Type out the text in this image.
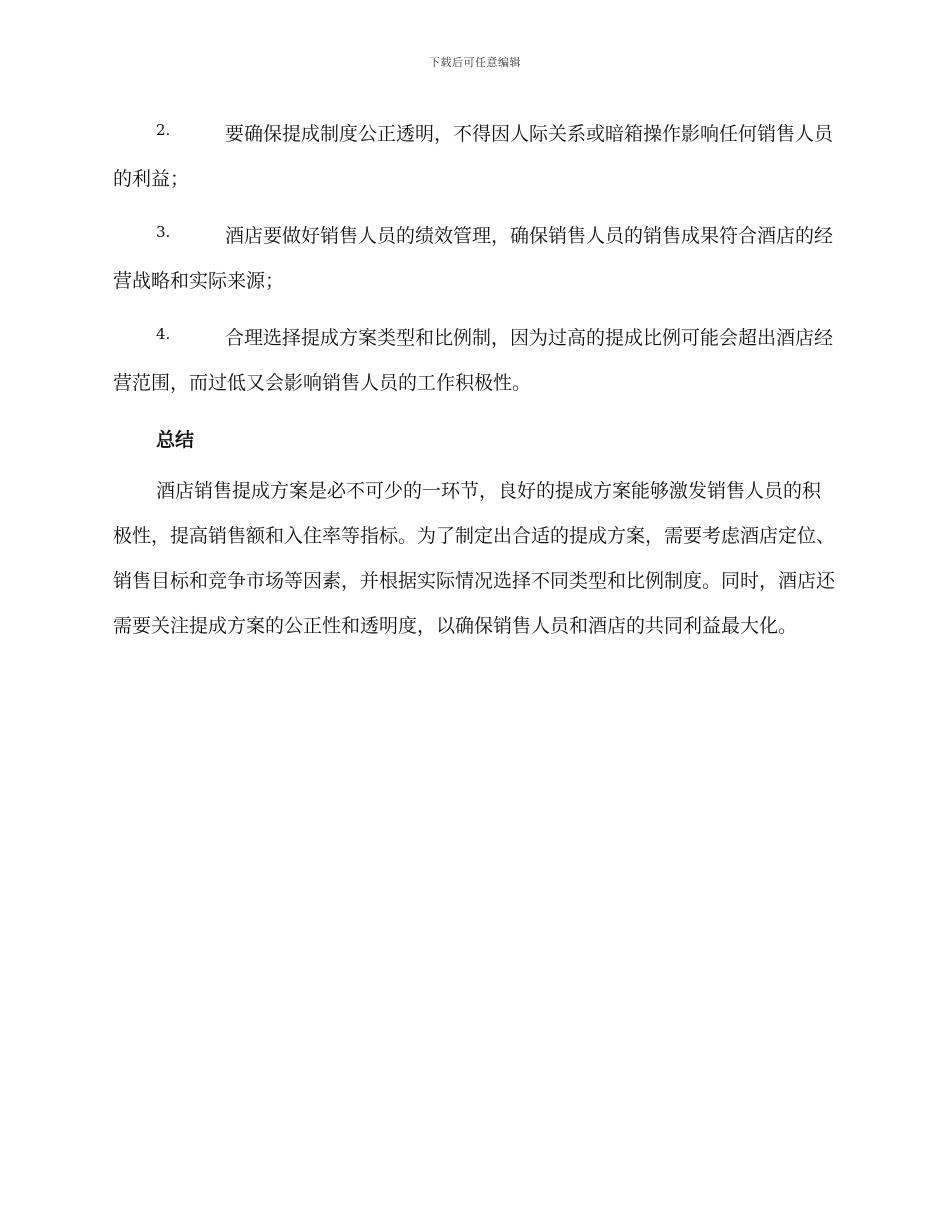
下载后可任意编辑
2.	要确保提成制度公正透明，不得因人际关系或暗箱操作影响任何销售人员的利益；
3.	酒店要做好销售人员的绩效管理，确保销售人员的销售成果符合酒店的经营战略和实际来源；
4.	合理选择提成方案类型和比例制，因为过高的提成比例可能会超出酒店经营范围，而过低又会影响销售人员的工作积极性。
总结

酒店销售提成方案是必不可少的一环节，良好的提成方案能够激发销售人员的积极性，提高销售额和入住率等指标。为了制定出合适的提成方案，需要考虑酒店定位、销售目标和竞争市场等因素，并根据实际情况选择不同类型和比例制度。同时，酒店还需要关注提成方案的公正性和透明度，以确保销售人员和酒店的共同利益最大化。
